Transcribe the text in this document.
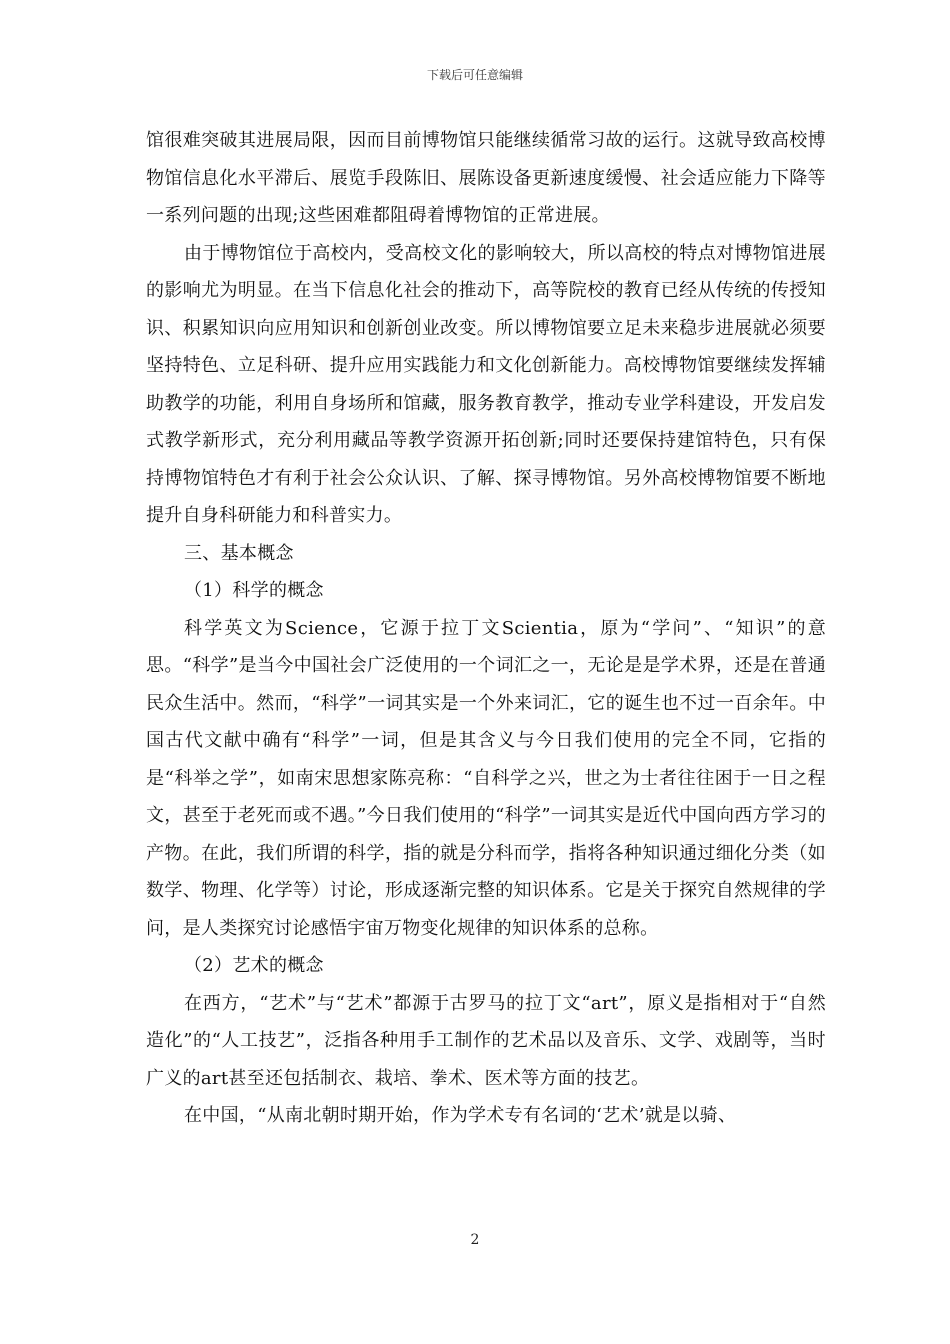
下载后可任意编辑

馆很难突破其进展局限，因而目前博物馆只能继续循常习故的运行。这就导致高校博物馆信息化水平滞后、展览手段陈旧、展陈设备更新速度缓慢、社会适应能力下降等一系列问题的出现;这些困难都阻碍着博物馆的正常进展。

由于博物馆位于高校内，受高校文化的影响较大，所以高校的特点对博物馆进展的影响尤为明显。在当下信息化社会的推动下，高等院校的教育已经从传统的传授知识、积累知识向应用知识和创新创业改变。所以博物馆要立足未来稳步进展就必须要坚持特色、立足科研、提升应用实践能力和文化创新能力。高校博物馆要继续发挥辅助教学的功能，利用自身场所和馆藏，服务教育教学，推动专业学科建设，开发启发式教学新形式，充分利用藏品等教学资源开拓创新;同时还要保持建馆特色，只有保持博物馆特色才有利于社会公众认识、了解、探寻博物馆。另外高校博物馆要不断地提升自身科研能力和科普实力。

三、基本概念

（1）科学的概念

科学英文为Science，它源于拉丁文Scientia，原为“学问”、“知识”的意思。“科学”是当今中国社会广泛使用的一个词汇之一，无论是是学术界，还是在普通民众生活中。然而，“科学”一词其实是一个外来词汇，它的诞生也不过一百余年。中国古代文献中确有“科学”一词，但是其含义与今日我们使用的完全不同，它指的是“科举之学”，如南宋思想家陈亮称：“自科学之兴，世之为士者往往困于一日之程文，甚至于老死而或不遇。”今日我们使用的“科学”一词其实是近代中国向西方学习的产物。在此，我们所谓的科学，指的就是分科而学，指将各种知识通过细化分类（如数学、物理、化学等）讨论，形成逐渐完整的知识体系。它是关于探究自然规律的学问，是人类探究讨论感悟宇宙万物变化规律的知识体系的总称。

（2）艺术的概念

在西方，“艺术”与“艺术”都源于古罗马的拉丁文“art”，原义是指相对于“自然造化”的“人工技艺”，泛指各种用手工制作的艺术品以及音乐、文学、戏剧等，当时广义的art甚至还包括制衣、栽培、拳术、医术等方面的技艺。

在中国，“从南北朝时期开始，作为学术专有名词的‘艺术’就是以骑、

2
